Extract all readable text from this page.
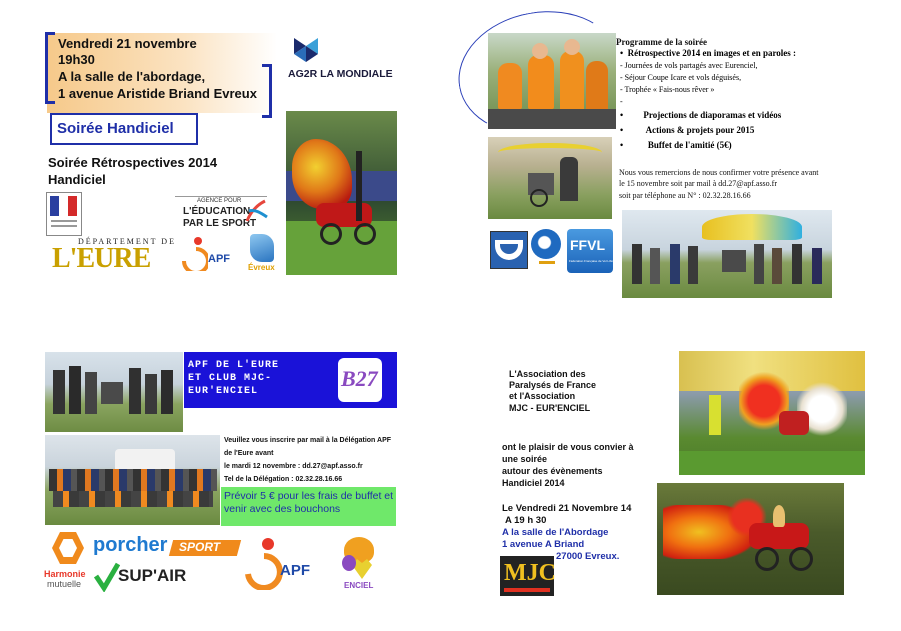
Vendredi 21 novembre
19h30
A la salle de l'abordage,
1 avenue Aristide Briand Evreux
AG2R LA MONDIALE
Soirée Handiciel
Soirée Rétrospectives 2014
Handiciel
AGENCE POUR
L'ÉDUCATION
PAR LE SPORT
DÉPARTEMENT DE
L'EURE	APF
Évreux
Programme de la soirée
•  Rétrospective 2014 en images et en paroles :
- Journées de vols partagés avec Eurenciel,
- Séjour Coupe Icare et vols déguisés,
- Trophée « Fais-nous rêver »
-
•         Projections de diaporamas et vidéos
•          Actions & projets pour 2015
•           Buffet de l'amitié (5€)
Nous vous remercions de nous confirmer votre présence avant
le 15 novembre soit par mail à dd.27@apf.asso.fr
soit par téléphone au N° : 02.32.28.16.66
FFVL
Fédération Française de Vol Libre
APF DE L'EURE
ET CLUB MJC-
EUR'ENCIEL
B27
Veuillez vous inscrire par mail à la Délégation APF
de l'Eure avant
le mardi 12 novembre : dd.27@apf.asso.fr
Tel de la Délégation : 02.32.28.16.66
Prévoir 5 € pour les frais de buffet et venir avec des bouchons
Harmonie
mutuelle
porcher SPORT
SUP'AIR	APF
ENCIEL
L'Association des
Paralysés de France
et l'Association
MJC - EUR'ENCIEL
ont le plaisir de vous convier à
une soirée
autour des évènements
Handiciel 2014
Le Vendredi 21 Novembre 14
A 19 h 30
A la salle de l'Abordage
1 avenue A Briand
27000 Evreux.
MJC
